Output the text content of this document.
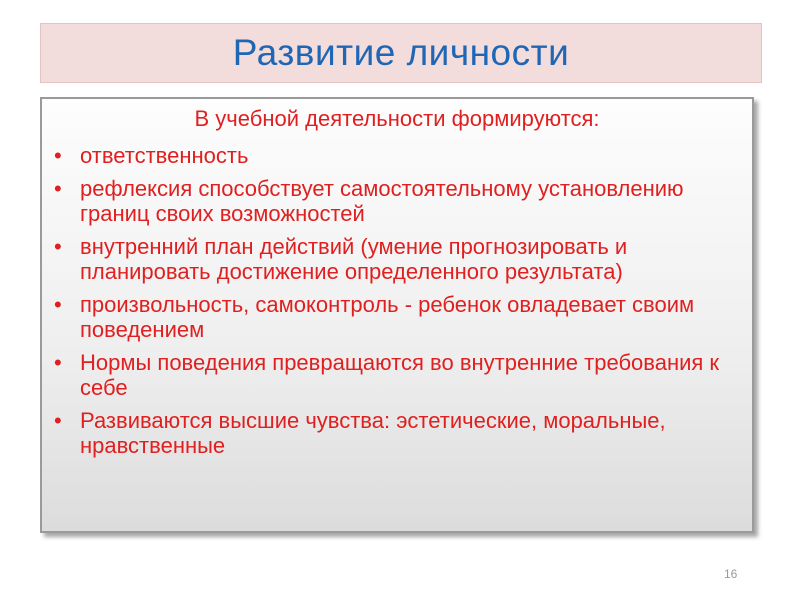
Развитие личности
В учебной деятельности формируются:
• ответственность
• рефлексия способствует самостоятельному установлению границ своих возможностей
• внутренний план действий (умение прогнозировать и планировать достижение определенного результата)
• произвольность, самоконтроль - ребенок овладевает своим поведением
• Нормы поведения превращаются во внутренние требования к себе
• Развиваются высшие чувства: эстетические, моральные, нравственные
16
